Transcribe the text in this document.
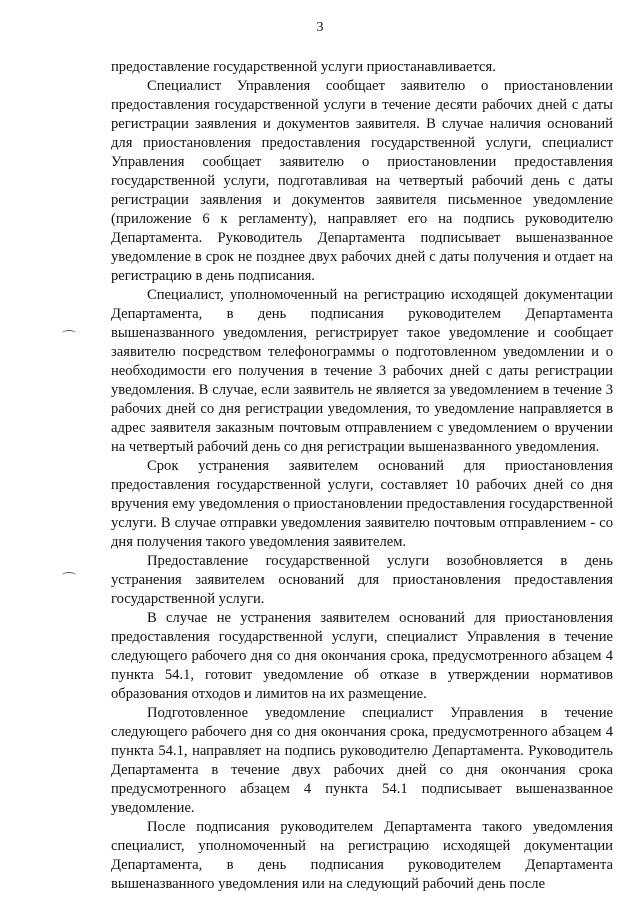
3

предоставление государственной услуги приостанавливается.

Специалист Управления сообщает заявителю о приостановлении предоставления государственной услуги в течение десяти рабочих дней с даты регистрации заявления и документов заявителя. В случае наличия оснований для приостановления предоставления государственной услуги, специалист Управления сообщает заявителю о приостановлении предоставления государственной услуги, подготавливая на четвертый рабочий день с даты регистрации заявления и документов заявителя письменное уведомление (приложение 6 к регламенту), направляет его на подпись руководителю Департамента. Руководитель Департамента подписывает вышеназванное уведомление в срок не позднее двух рабочих дней с даты получения и отдает на регистрацию в день подписания.

Специалист, уполномоченный на регистрацию исходящей документации Департамента, в день подписания руководителем Департамента вышеназванного уведомления, регистрирует такое уведомление и сообщает заявителю посредством телефонограммы о подготовленном уведомлении и о необходимости его получения в течение 3 рабочих дней с даты регистрации уведомления. В случае, если заявитель не является за уведомлением в течение 3 рабочих дней со дня регистрации уведомления, то уведомление направляется в адрес заявителя заказным почтовым отправлением с уведомлением о вручении на четвертый рабочий день со дня регистрации вышеназванного уведомления.

Срок устранения заявителем оснований для приостановления предоставления государственной услуги, составляет 10 рабочих дней со дня вручения ему уведомления о приостановлении предоставления государственной услуги. В случае отправки уведомления заявителю почтовым отправлением - со дня получения такого уведомления заявителем.

Предоставление государственной услуги возобновляется в день устранения заявителем оснований для приостановления предоставления государственной услуги.

В случае не устранения заявителем оснований для приостановления предоставления государственной услуги, специалист Управления в течение следующего рабочего дня со дня окончания срока, предусмотренного абзацем 4 пункта 54.1, готовит уведомление об отказе в утверждении нормативов образования отходов и лимитов на их размещение.

Подготовленное уведомление специалист Управления в течение следующего рабочего дня со дня окончания срока, предусмотренного абзацем 4 пункта 54.1, направляет на подпись руководителю Департамента. Руководитель Департамента в течение двух рабочих дней со дня окончания срока предусмотренного абзацем 4 пункта 54.1 подписывает вышеназванное уведомление.

После подписания руководителем Департамента такого уведомления специалист, уполномоченный на регистрацию исходящей документации Департамента, в день подписания руководителем Департамента вышеназванного уведомления или на следующий рабочий день после
